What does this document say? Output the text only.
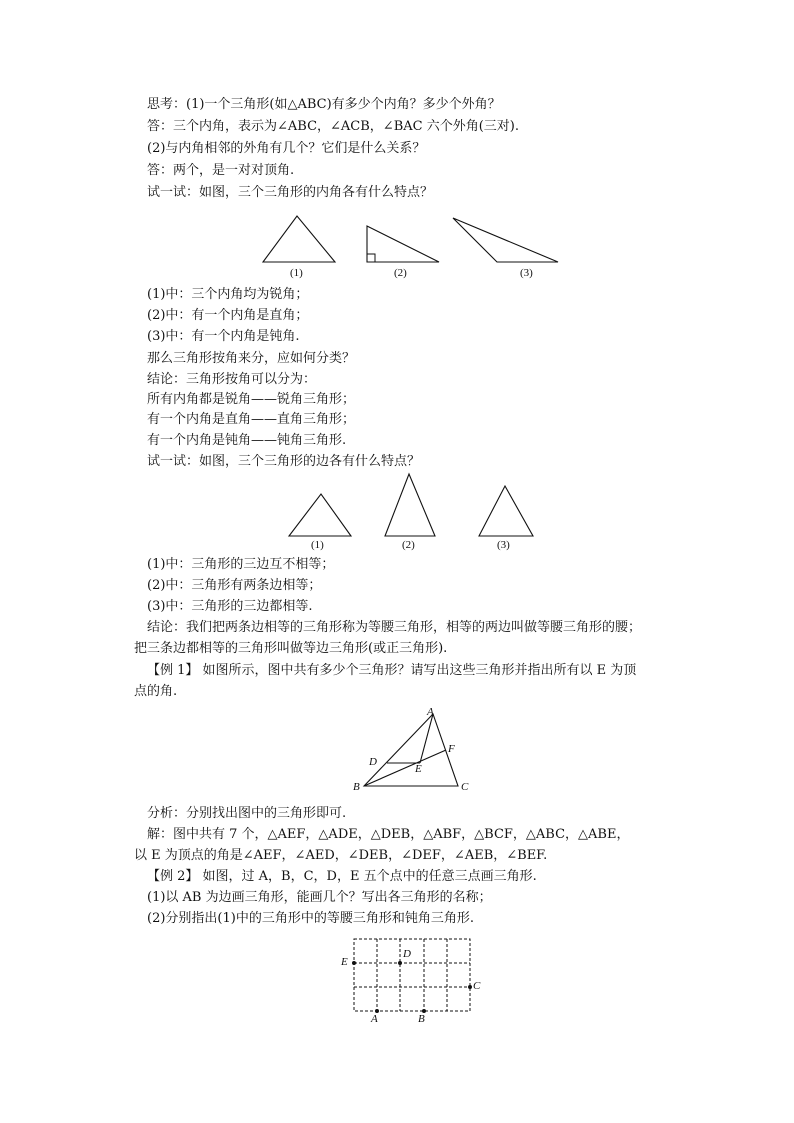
思考：(1)一个三角形(如△ABC)有多少个内角？多少个外角？
答：三个内角，表示为∠ABC，∠ACB，∠BAC 六个外角(三对).
(2)与内角相邻的外角有几个？它们是什么关系？
答：两个，是一对对顶角.
试一试：如图，三个三角形的内角各有什么特点？
(1)	(2)	(3)
(1)中：三个内角均为锐角；
(2)中：有一个内角是直角；
(3)中：有一个内角是钝角.
那么三角形按角来分，应如何分类？
结论：三角形按角可以分为：
所有内角都是锐角——锐角三角形；
有一个内角是直角——直角三角形；
有一个内角是钝角——钝角三角形.
试一试：如图，三个三角形的边各有什么特点？
(1)	(2)	(3)
(1)中：三角形的三边互不相等；
(2)中：三角形有两条边相等；
(3)中：三角形的三边都相等.
结论：我们把两条边相等的三角形称为等腰三角形，相等的两边叫做等腰三角形的腰；
把三条边都相等的三角形叫做等边三角形(或正三角形).
【例 1】 如图所示，图中共有多少个三角形？请写出这些三角形并指出所有以 E 为顶
点的角.
A
B	C
D
E
F
分析：分别找出图中的三角形即可.
解：图中共有 7 个，△AEF，△ADE，△DEB，△ABF，△BCF，△ABC，△ABE，
以 E 为顶点的角是∠AEF，∠AED，∠DEB，∠DEF，∠AEB，∠BEF.
【例 2】 如图，过 A，B，C，D，E 五个点中的任意三点画三角形.
(1)以 AB 为边画三角形，能画几个？写出各三角形的名称；
(2)分别指出(1)中的三角形中的等腰三角形和钝角三角形.
E
D
C
A	B
